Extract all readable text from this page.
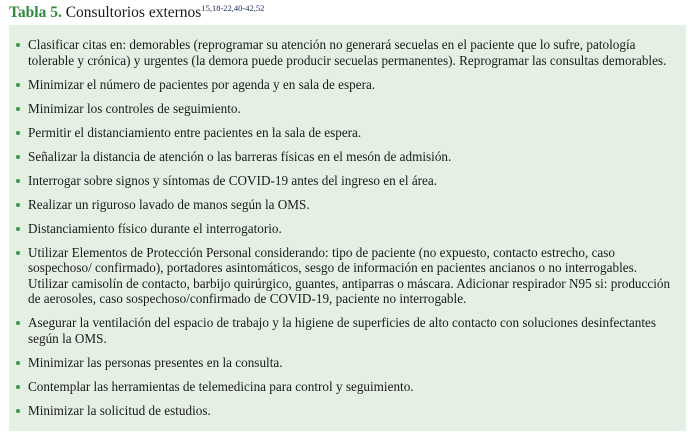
Tabla 5. Consultorios externos$^{15,18-22,40-42,52}$
Clasificar citas en: demorables (reprogramar su atención no generará secuelas en el paciente que lo sufre, patología tolerable y crónica) y urgentes (la demora puede producir secuelas permanentes). Reprogramar las consultas demorables.
Minimizar el número de pacientes por agenda y en sala de espera.
Minimizar los controles de seguimiento.
Permitir el distanciamiento entre pacientes en la sala de espera.
Señalizar la distancia de atención o las barreras físicas en el mesón de admisión.
Interrogar sobre signos y síntomas de COVID-19 antes del ingreso en el área.
Realizar un riguroso lavado de manos según la OMS.
Distanciamiento físico durante el interrogatorio.
Utilizar Elementos de Protección Personal considerando: tipo de paciente (no expuesto, contacto estrecho, caso sospechoso/ confirmado), portadores asintomáticos, sesgo de información en pacientes ancianos o no interrogables. Utilizar camisolín de contacto, barbijo quirúrgico, guantes, antiparras o máscara. Adicionar respirador N95 si: producción de aerosoles, caso sospechoso/confirmado de COVID-19, paciente no interrogable.
Asegurar la ventilación del espacio de trabajo y la higiene de superficies de alto contacto con soluciones desinfectantes según la OMS.
Minimizar las personas presentes en la consulta.
Contemplar las herramientas de telemedicina para control y seguimiento.
Minimizar la solicitud de estudios.
